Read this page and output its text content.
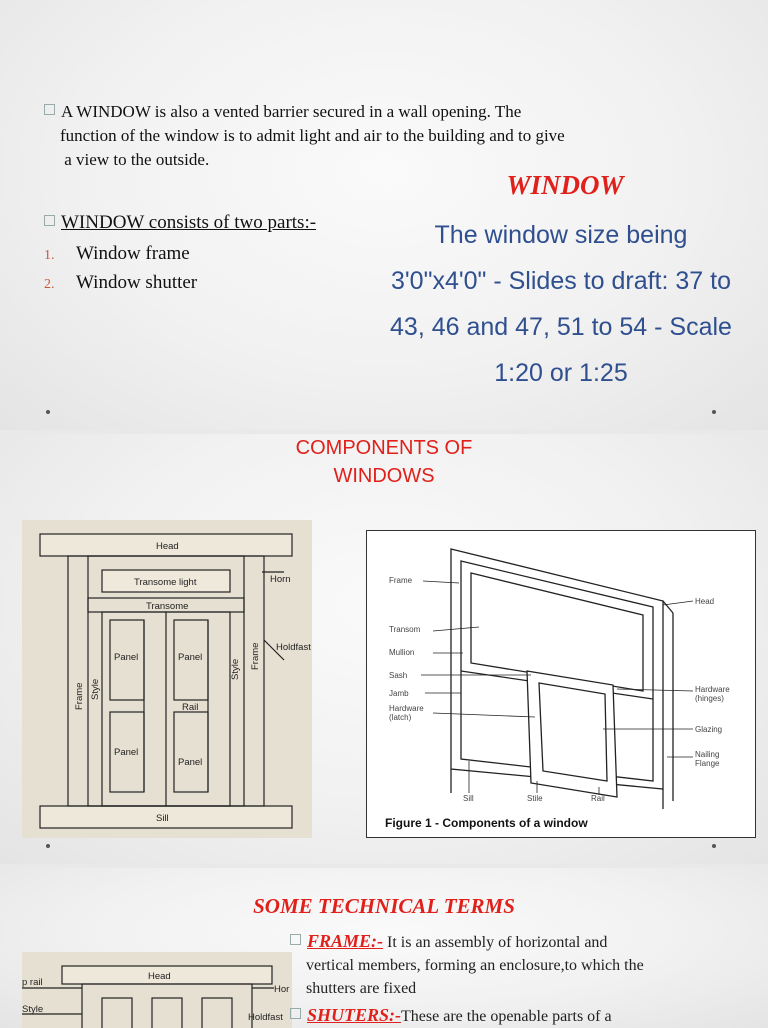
A WINDOW is also a vented barrier secured in a wall opening. The
function of the window is to admit light and air to the building and to give
a view to the outside.
WINDOW
WINDOW consists of two parts:-
1. Window frame
2. Window shutter
The window size being
3'0"x4'0" - Slides to draft: 37 to
43, 46 and 47, 51 to 54 - Scale
1:20 or 1:25
COMPONENTS OF
WINDOWS
Head
Transome light
Transome
Horn
Holdfast
Frame
Frame
Style
Style
Panel	Panel
Panel
Panel
Rail
Sill
Frame
Head
Transom
Mullion
Sash
Jamb
Hardware
(latch)
Hardware
(hinges)
Glazing
Nailing
Flange
Sill	Stile	Rail
Figure 1 - Components of a window
SOME TECHNICAL TERMS
Head
p rail
Hor
Style
Holdfast
FRAME:- It is an assembly of horizontal and
vertical members, forming an enclosure,to which the
shutters are fixed
SHUTERS:-These are the openable parts of a
